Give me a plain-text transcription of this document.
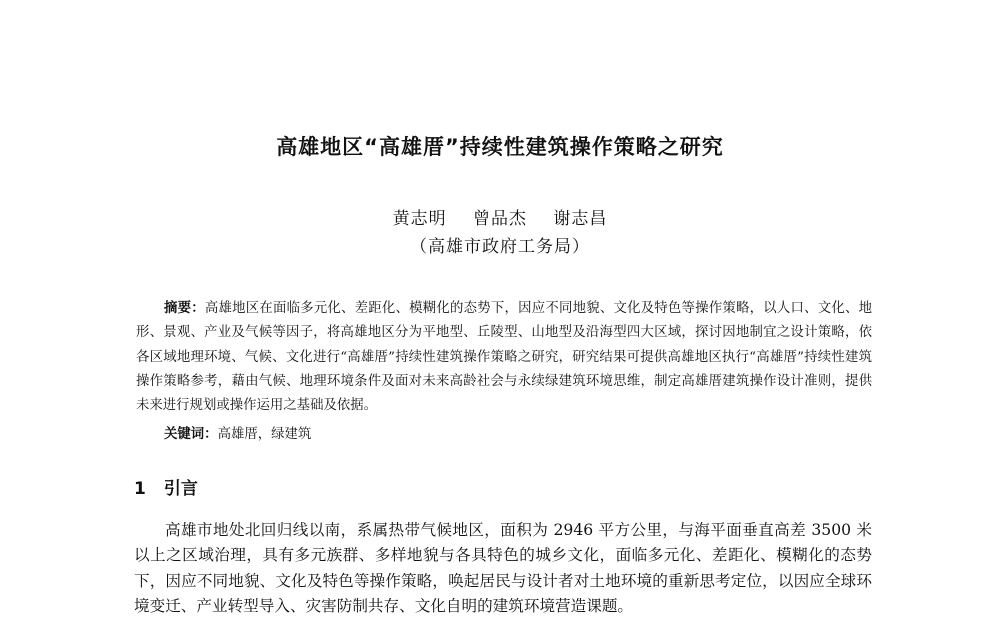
高雄地区“高雄厝”持续性建筑操作策略之研究
黄志明 曾品杰 谢志昌
（高雄市政府工务局）
摘要：高雄地区在面临多元化、差距化、模糊化的态势下，因应不同地貌、文化及特色等操作策略，以人口、文化、地形、景观、产业及气候等因子，将高雄地区分为平地型、丘陵型、山地型及沿海型四大区域，探讨因地制宜之设计策略，依各区域地理环境、气候、文化进行“高雄厝”持续性建筑操作策略之研究，研究结果可提供高雄地区执行“高雄厝”持续性建筑操作策略参考，藉由气候、地理环境条件及面对未来高龄社会与永续绿建筑环境思维，制定高雄厝建筑操作设计准则，提供未来进行规划或操作运用之基础及依据。
关键词：高雄厝，绿建筑
1 引言
高雄市地处北回归线以南，系属热带气候地区，面积为 2946 平方公里，与海平面垂直高差 3500 米以上之区域治理，具有多元族群、多样地貌与各具特色的城乡文化，面临多元化、差距化、模糊化的态势下，因应不同地貌、文化及特色等操作策略，唤起居民与设计者对土地环境的重新思考定位，以因应全球环境变迁、产业转型导入、灾害防制共存、文化自明的建筑环境营造课题。
